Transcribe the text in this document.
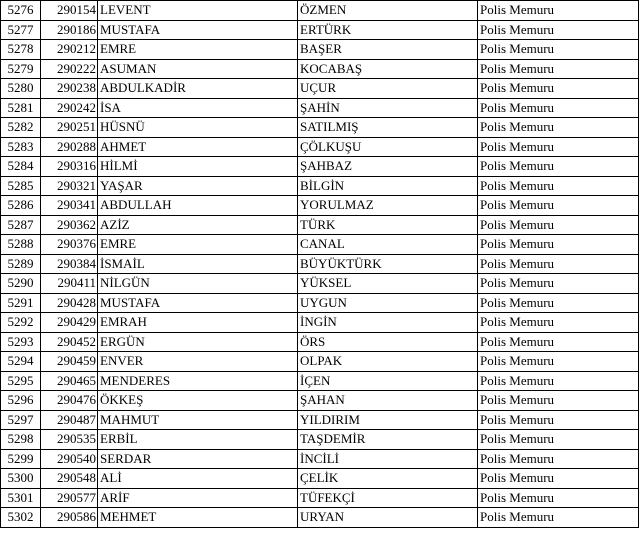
5276	290154	LEVENT	ÖZMEN	Polis Memuru
5277	290186	MUSTAFA	ERTÜRK	Polis Memuru
5278	290212	EMRE	BAŞER	Polis Memuru
5279	290222	ASUMAN	KOCABAŞ	Polis Memuru
5280	290238	ABDULKADİR	UÇUR	Polis Memuru
5281	290242	İSA	ŞAHİN	Polis Memuru
5282	290251	HÜSNÜ	SATILMIŞ	Polis Memuru
5283	290288	AHMET	ÇÖLKUŞU	Polis Memuru
5284	290316	HİLMİ	ŞAHBAZ	Polis Memuru
5285	290321	YAŞAR	BİLGİN	Polis Memuru
5286	290341	ABDULLAH	YORULMAZ	Polis Memuru
5287	290362	AZİZ	TÜRK	Polis Memuru
5288	290376	EMRE	CANAL	Polis Memuru
5289	290384	İSMAİL	BÜYÜKTÜRK	Polis Memuru
5290	290411	NİLGÜN	YÜKSEL	Polis Memuru
5291	290428	MUSTAFA	UYGUN	Polis Memuru
5292	290429	EMRAH	İNGİN	Polis Memuru
5293	290452	ERGÜN	ÖRS	Polis Memuru
5294	290459	ENVER	OLPAK	Polis Memuru
5295	290465	MENDERES	İÇEN	Polis Memuru
5296	290476	ÖKKEŞ	ŞAHAN	Polis Memuru
5297	290487	MAHMUT	YILDIRIM	Polis Memuru
5298	290535	ERBİL	TAŞDEMİR	Polis Memuru
5299	290540	SERDAR	İNCİLİ	Polis Memuru
5300	290548	ALİ	ÇELİK	Polis Memuru
5301	290577	ARİF	TÜFEKÇİ	Polis Memuru
5302	290586	MEHMET	URYAN	Polis Memuru
